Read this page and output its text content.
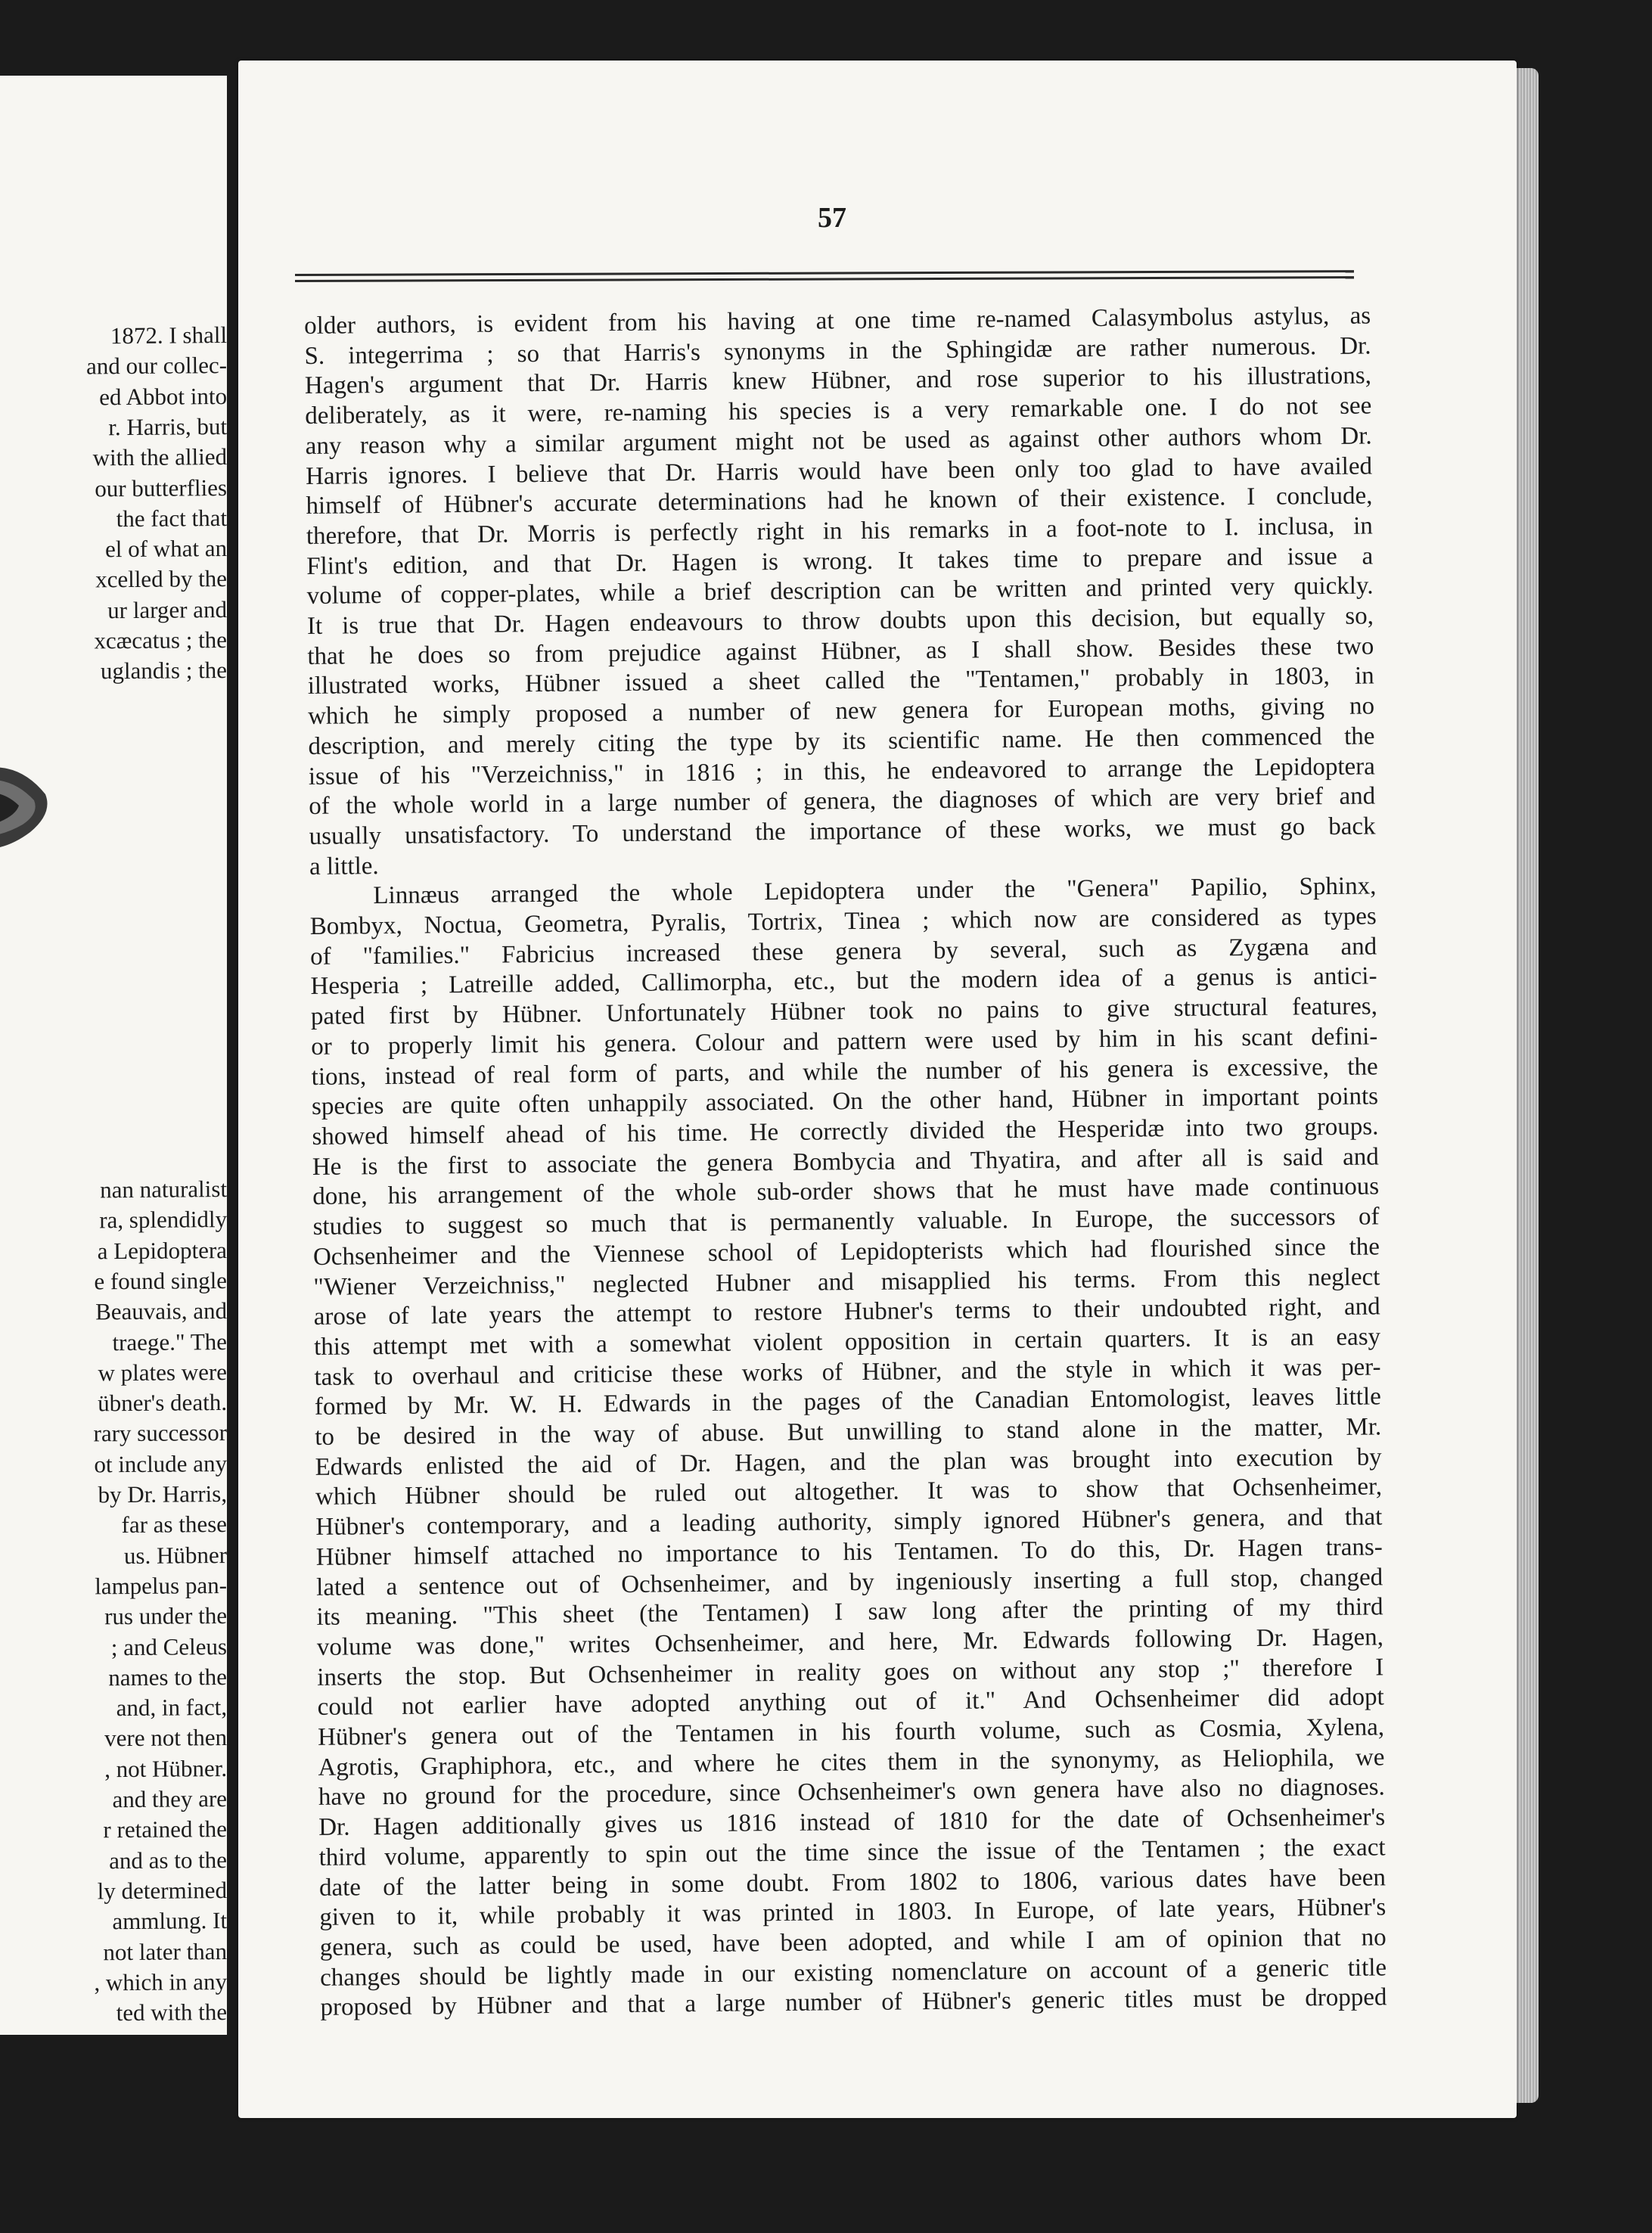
1872. I shall
and our collec-
ed Abbot into
r. Harris, but
with the allied
our butterflies
the fact that
el of what an
xcelled by the
ur larger and
xcæcatus ; the
uglandis ; the
nan naturalist
ra, splendidly
a Lepidoptera
e found single
Beauvais, and
traege." The
w plates were
übner's death.
rary successor
ot include any
by Dr. Harris,
far as these
us. Hübner
lampelus pan-
rus under the
; and Celeus
names to the
and, in fact,
vere not then
, not Hübner.
and they are
r retained the
and as to the
ly determined
ammlung. It
not later than
, which in any
ted with the
57
older authors, is evident from his having at one time re-named Calasymbolus astylus, as
S. integerrima ; so that Harris's synonyms in the Sphingidæ are rather numerous. Dr.
Hagen's argument that Dr. Harris knew Hübner, and rose superior to his illustrations,
deliberately, as it were, re-naming his species is a very remarkable one. I do not see
any reason why a similar argument might not be used as against other authors whom Dr.
Harris ignores. I believe that Dr. Harris would have been only too glad to have availed
himself of Hübner's accurate determinations had he known of their existence. I conclude,
therefore, that Dr. Morris is perfectly right in his remarks in a foot-note to I. inclusa, in
Flint's edition, and that Dr. Hagen is wrong. It takes time to prepare and issue a
volume of copper-plates, while a brief description can be written and printed very quickly.
It is true that Dr. Hagen endeavours to throw doubts upon this decision, but equally so,
that he does so from prejudice against Hübner, as I shall show. Besides these two
illustrated works, Hübner issued a sheet called the "Tentamen," probably in 1803, in
which he simply proposed a number of new genera for European moths, giving no
description, and merely citing the type by its scientific name. He then commenced the
issue of his "Verzeichniss," in 1816 ; in this, he endeavored to arrange the Lepidoptera
of the whole world in a large number of genera, the diagnoses of which are very brief and
usually unsatisfactory. To understand the importance of these works, we must go back
a little.
Linnæus arranged the whole Lepidoptera under the "Genera" Papilio, Sphinx,
Bombyx, Noctua, Geometra, Pyralis, Tortrix, Tinea ; which now are considered as types
of "families." Fabricius increased these genera by several, such as Zygæna and
Hesperia ; Latreille added, Callimorpha, etc., but the modern idea of a genus is antici-
pated first by Hübner. Unfortunately Hübner took no pains to give structural features,
or to properly limit his genera. Colour and pattern were used by him in his scant defini-
tions, instead of real form of parts, and while the number of his genera is excessive, the
species are quite often unhappily associated. On the other hand, Hübner in important points
showed himself ahead of his time. He correctly divided the Hesperidæ into two groups.
He is the first to associate the genera Bombycia and Thyatira, and after all is said and
done, his arrangement of the whole sub-order shows that he must have made continuous
studies to suggest so much that is permanently valuable. In Europe, the successors of
Ochsenheimer and the Viennese school of Lepidopterists which had flourished since the
"Wiener Verzeichniss," neglected Hubner and misapplied his terms. From this neglect
arose of late years the attempt to restore Hubner's terms to their undoubted right, and
this attempt met with a somewhat violent opposition in certain quarters. It is an easy
task to overhaul and criticise these works of Hübner, and the style in which it was per-
formed by Mr. W. H. Edwards in the pages of the Canadian Entomologist, leaves little
to be desired in the way of abuse. But unwilling to stand alone in the matter, Mr.
Edwards enlisted the aid of Dr. Hagen, and the plan was brought into execution by
which Hübner should be ruled out altogether. It was to show that Ochsenheimer,
Hübner's contemporary, and a leading authority, simply ignored Hübner's genera, and that
Hübner himself attached no importance to his Tentamen. To do this, Dr. Hagen trans-
lated a sentence out of Ochsenheimer, and by ingeniously inserting a full stop, changed
its meaning. "This sheet (the Tentamen) I saw long after the printing of my third
volume was done," writes Ochsenheimer, and here, Mr. Edwards following Dr. Hagen,
inserts the stop. But Ochsenheimer in reality goes on without any stop ;" therefore I
could not earlier have adopted anything out of it." And Ochsenheimer did adopt
Hübner's genera out of the Tentamen in his fourth volume, such as Cosmia, Xylena,
Agrotis, Graphiphora, etc., and where he cites them in the synonymy, as Heliophila, we
have no ground for the procedure, since Ochsenheimer's own genera have also no diagnoses.
Dr. Hagen additionally gives us 1816 instead of 1810 for the date of Ochsenheimer's
third volume, apparently to spin out the time since the issue of the Tentamen ; the exact
date of the latter being in some doubt. From 1802 to 1806, various dates have been
given to it, while probably it was printed in 1803. In Europe, of late years, Hübner's
genera, such as could be used, have been adopted, and while I am of opinion that no
changes should be lightly made in our existing nomenclature on account of a generic title
proposed by Hübner and that a large number of Hübner's generic titles must be dropped
